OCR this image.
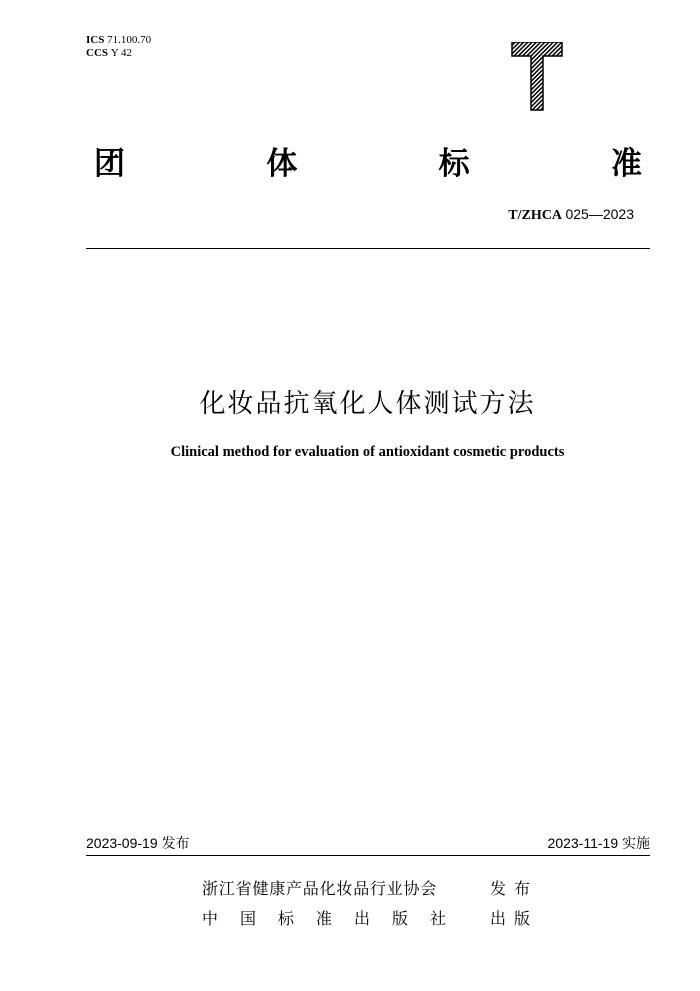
ICS 71.100.70
CCS Y 42
T
团	体	标	准
T/ZHCA 025—2023
化妆品抗氧化人体测试方法
Clinical method for evaluation of antioxidant cosmetic products
2023-09-19 发布	2023-11-19 实施
浙江省健康产品化妆品行业协会	发布
中国标准出版社	出版
